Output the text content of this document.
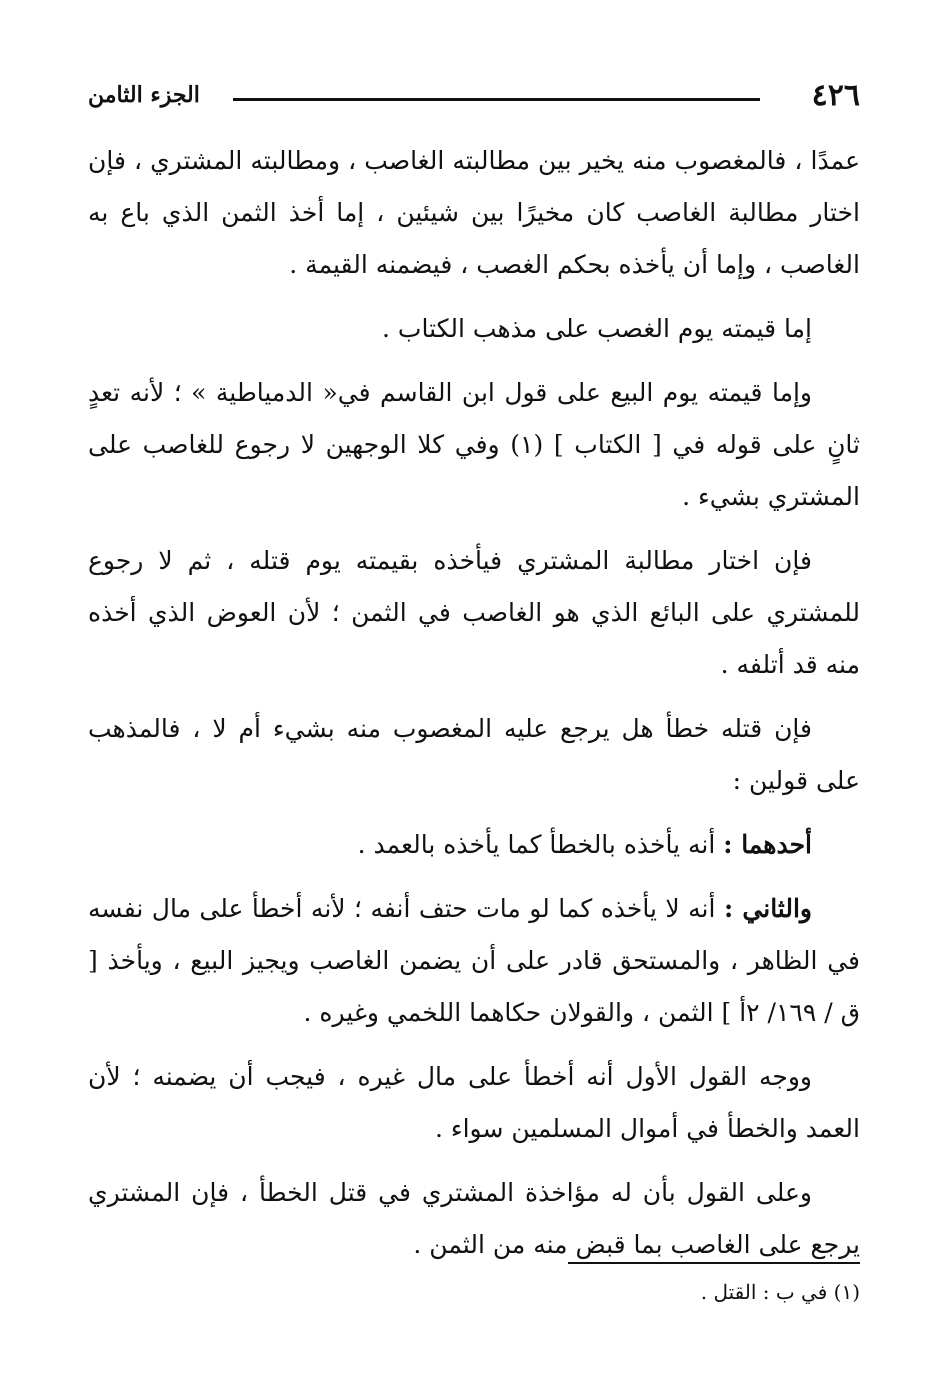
٤٢٦
الجزء الثامن

عمدًا ، فالمغصوب منه يخير بين مطالبته الغاصب ، ومطالبته المشتري ، فإن اختار مطالبة الغاصب كان مخيرًا بين شيئين ، إما أخذ الثمن الذي باع به الغاصب ، وإما أن يأخذه بحكم الغصب ، فيضمنه القيمة .

إما قيمته يوم الغصب على مذهب الكتاب .

وإما قيمته يوم البيع على قول ابن القاسم في« الدمياطية » ؛ لأنه تعدٍ ثانٍ على قوله في [ الكتاب ] (١) وفي كلا الوجهين لا رجوع للغاصب على المشتري بشيء .

فإن اختار مطالبة المشتري فيأخذه بقيمته يوم قتله ، ثم لا رجوع للمشتري على البائع الذي هو الغاصب في الثمن ؛ لأن العوض الذي أخذه منه قد أتلفه .

فإن قتله خطأ هل يرجع عليه المغصوب منه بشيء أم لا ، فالمذهب على قولين :

أحدهما : أنه يأخذه بالخطأ كما يأخذه بالعمد .

والثاني : أنه لا يأخذه كما لو مات حتف أنفه ؛ لأنه أخطأ على مال نفسه في الظاهر ، والمستحق قادر على أن يضمن الغاصب ويجيز البيع ، ويأخذ [ ق / ١٦٩/ ٢أ ] الثمن ، والقولان حكاهما اللخمي وغيره .

ووجه القول الأول أنه أخطأ على مال غيره ، فيجب أن يضمنه ؛ لأن العمد والخطأ في أموال المسلمين سواء .

وعلى القول بأن له مؤاخذة المشتري في قتل الخطأ ، فإن المشتري يرجع على الغاصب بما قبض منه من الثمن .

(١) في ب : القتل .
